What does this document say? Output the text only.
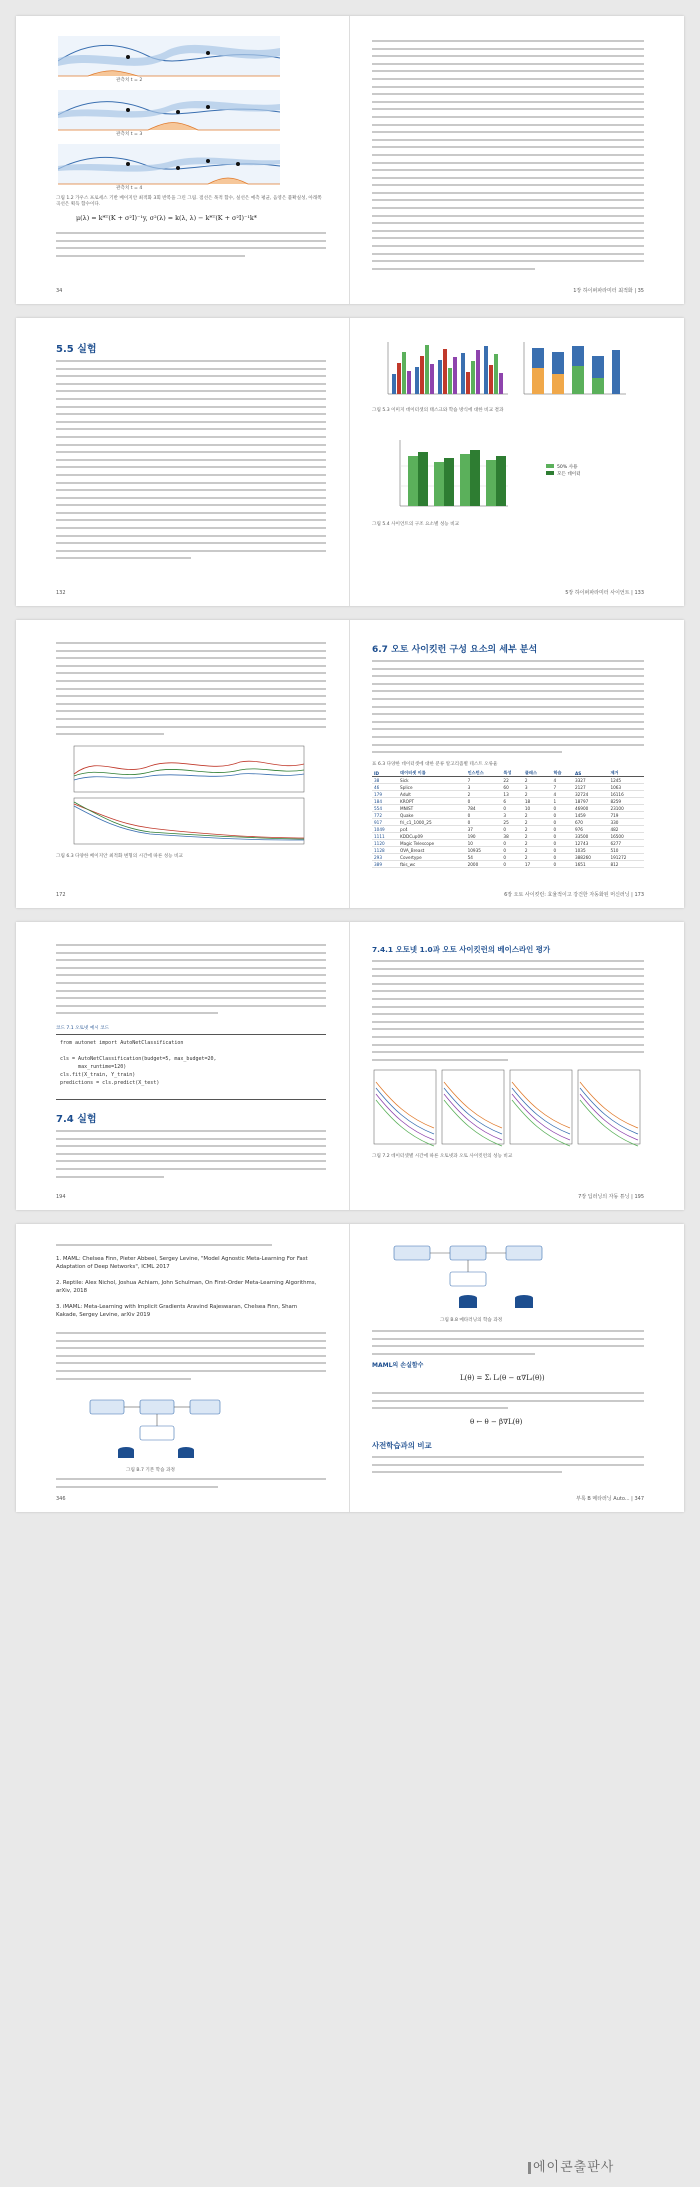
관측치 t = 2
관측치 t = 3
관측치 t = 4
그림 1.2 가우스 프로세스 기반 베이지안 최적화 3회 반복을 그린 그림. 점선은 목적 함수, 실선은 예측 평균, 음영은 불확실성, 아래쪽 곡선은 획득 함수이다.
μ(λ) = k*ᵀ(K + σ²I)⁻¹y, σ²(λ) = k(λ, λ) − k*ᵀ(K + σ²I)⁻¹k*
34	1장 하이퍼파라미터 최적화 | 35
5.5 실험
132
그림 5.3 이미지 데이터셋의 태스크와 학습 방식에 대한 비교 결과
50% 사용
모든 데이터
그림 5.4 사이언트의 구조 요소별 성능 비교
5장 하이퍼파라미터 사이언트 | 133
그림 6.3 다양한 베이지안 최적화 변형의 시간에 따른 성능 비교
172
6.7 오토 사이킷런 구성 요소의 세부 분석
표 6.3 다양한 데이터셋에 대한 분류 알고리즘별 테스트 오류율
ID	데이터셋 이름	인스턴스	특성	클래스	학습	AS	제거
38	Sick	7	22	2	4	3327	1245
46	Splice	3	60	3	7	2127	1063
179	Adult	2	13	2	4	32724	16116
184	KROPT	0	6	18	1	18797	8259
554	MNIST	784	0	10	0	46900	23100
772	Quake	0	3	2	0	1459	719
917	fri_c1_1000_25	0	25	2	0	670	330
1049	pc4	37	0	2	0	976	482
1111	KDDCup09	190	38	2	0	33500	16500
1120	Magic Telescope	10	0	2	0	12743	6277
1128	OVA_Breast	10935	0	2	0	1035	510
293	Covertype	54	0	2	0	388260	191272
389	fbis_wc	2000	0	17	0	1651	812
6장 오토 사이킷런: 효율적이고 강건한 자동화된 머신러닝 | 173
코드 7.1 오토넷 예시 코드
from autonet import AutoNetClassification

cls = AutoNetClassification(budget=5, max_budget=20,
max_runtime=120)
cls.fit(X_train, Y_train)
predictions = cls.predict(X_test)
7.4 실험
194
7.4.1 오토넷 1.0과 오토 사이킷런의 베이스라인 평가
그림 7.2 데이터셋별 시간에 따른 오토넷과 오토 사이킷런의 성능 비교
7장 딥러닝의 자동 튜닝 | 195
1. MAML: Chelsea Finn, Pieter Abbeel, Sergey Levine, "Model Agnostic Meta-Learning For Fast Adaptation of Deep Networks", ICML 2017
2. Reptile: Alex Nichol, Joshua Achiam, John Schulman, On First-Order Meta-Learning Algorithms, arXiv, 2018
3. iMAML: Meta-Learning with Implicit Gradients Aravind Rajeswaran, Chelsea Finn, Sham Kakade, Sergey Levine, arXiv 2019
그림 B.7 기본 학습 과정
346
그림 B.8 메타러닝의 학습 과정
MAML의 손실함수
L(θ) = Σᵢ Lᵢ(θ − α∇Lᵢ(θ))
θ ← θ − β∇L(θ)
사전학습과의 비교
부록 B 메타러닝 Auto... | 347
에이콘출판사
